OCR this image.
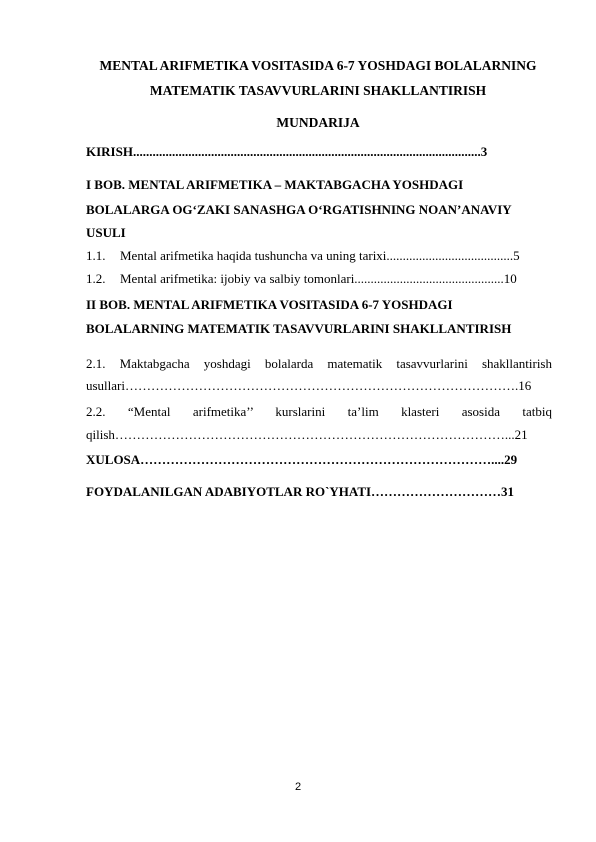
MENTAL ARIFMETIKA VOSITASIDA 6-7 YOSHDAGI BOLALARNING
MATEMATIK TASAVVURLARINI SHAKLLANTIRISH
MUNDARIJA
KIRISH...........................................................................................................3
I BOB. MENTAL ARIFMETIKA – MAKTABGACHA YOSHDAGI
BOLALARGA OG‘ZAKI SANASHGA O‘RGATISHNING NOAN’ANAVIY
USULI
1.1. Mental arifmetika haqida tushuncha va uning tarixi.......................................5
1.2. Mental arifmetika: ijobiy va salbiy tomonlari..............................................10
II BOB. MENTAL ARIFMETIKA VOSITASIDA 6-7 YOSHDAGI
BOLALARNING MATEMATIK TASAVVURLARINI SHAKLLANTIRISH
2.1. Maktabgacha yoshdagi bolalarda matematik tasavvurlarini shakllantirish
usullari……………………………………………………………………………….16
2.2. “Mental arifmetika’’ kurslarini ta’lim klasteri asosida tatbiq
qilish………………………………………………………………………………...21
XULOSA………………………………………………………………………....29
FOYDALANILGAN ADABIYOTLAR RO`YHATI…………………………31
2
